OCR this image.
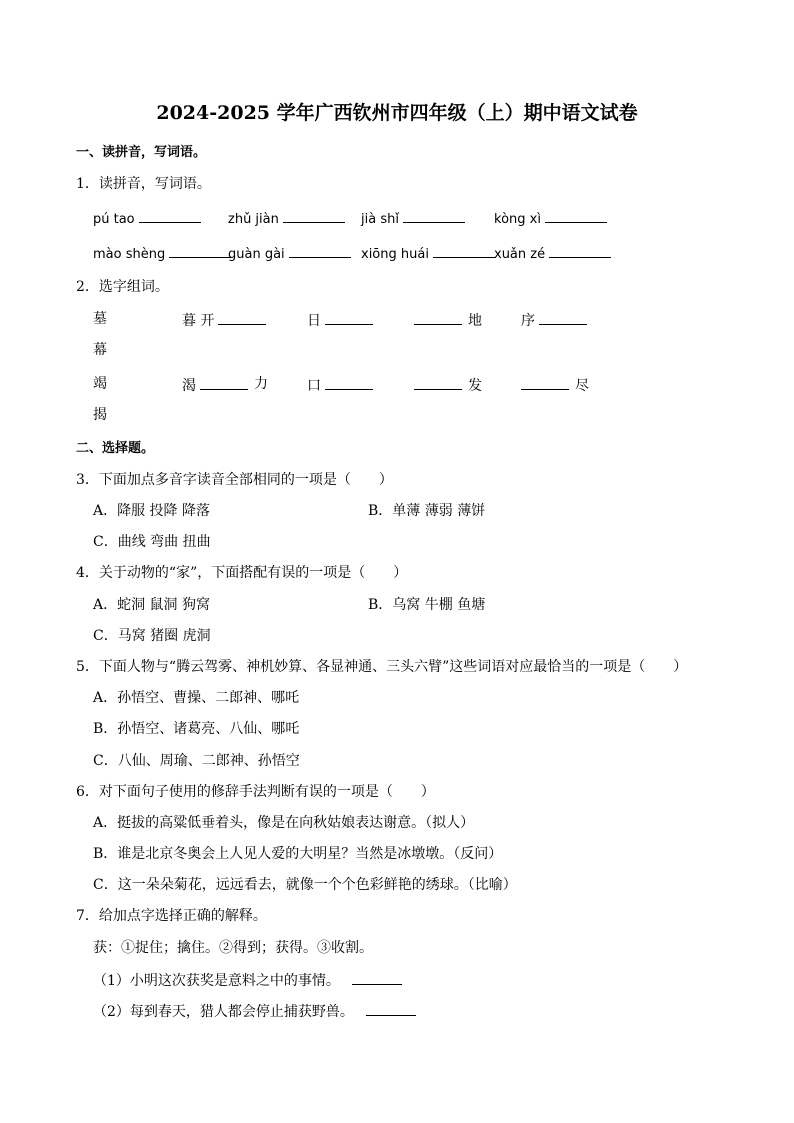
2024-2025 学年广西钦州市四年级（上）期中语文试卷
一、读拼音，写词语。
1．读拼音，写词语。
pú tao	zhǔ jiàn	jià shǐ	kòng xì
mào shèng	guàn gài	xiōng huái	xuǎn zé
2．选字组词。
墓
幕
暮 开	日	地	序
竭
揭
渴	力	口	发	尽
二、选择题。
3．下面加点多音字读音全部相同的一项是（　　）
A．降服 投降 降落	B．单薄 薄弱 薄饼
C．曲线 弯曲 扭曲
4．关于动物的“家”，下面搭配有误的一项是（　　）
A．蛇洞 鼠洞 狗窝	B．乌窝 牛棚 鱼塘
C．马窝 猪圈 虎洞
5．下面人物与“腾云驾雾、神机妙算、各显神通、三头六臂”这些词语对应最恰当的一项是（　　）
A．孙悟空、曹操、二郎神、哪吒
B．孙悟空、诸葛亮、八仙、哪吒
C．八仙、周瑜、二郎神、孙悟空
6．对下面句子使用的修辞手法判断有误的一项是（　　）
A．挺拔的高粱低垂着头，像是在向秋姑娘表达谢意。（拟人）
B．谁是北京冬奥会上人见人爱的大明星？当然是冰墩墩。（反问）
C．这一朵朵菊花，远远看去，就像一个个色彩鲜艳的绣球。（比喻）
7．给加点字选择正确的解释。
获：①捉住；擒住。②得到；获得。③收割。
（1）小明这次获奖是意料之中的事情。
（2）每到春天，猎人都会停止捕获野兽。
